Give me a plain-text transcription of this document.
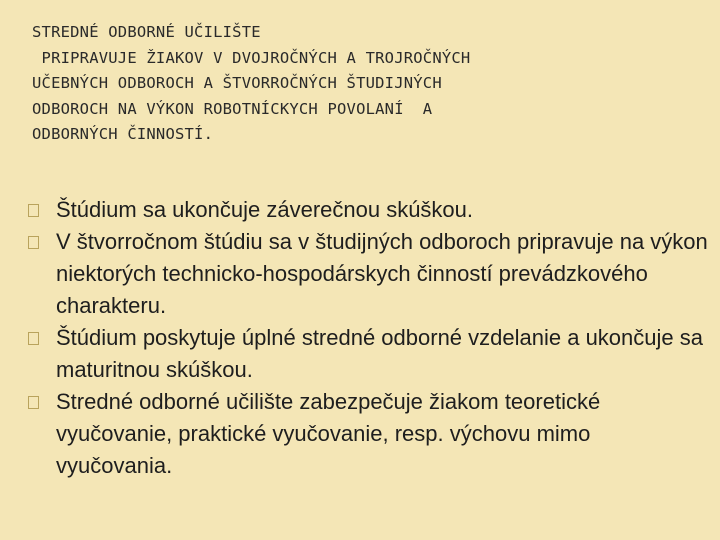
STREDNÉ ODBORNÉ UČILIŠTE
PRIPRAVUJE ŽIAKOV V DVOJROČNÝCH A TROJROČNÝCH
UČEBNÝCH ODBOROCH A ŠTVORROČNÝCH ŠTUDIJNÝCH
ODBOROCH NA VÝKON ROBOTNÍCKYCH POVOLANÍ  A
ODBORNÝCH ČINNOSTÍ.
Štúdium sa ukončuje záverečnou skúškou.
V štvorročnom štúdiu sa v študijných odboroch pripravuje na výkon niektorých technicko-hospodárskych činností prevádzkového charakteru.
Štúdium poskytuje úplné stredné odborné vzdelanie a ukončuje sa maturitnou skúškou.
Stredné odborné učilište zabezpečuje žiakom teoretické vyučovanie, praktické vyučovanie, resp. výchovu mimo vyučovania.
